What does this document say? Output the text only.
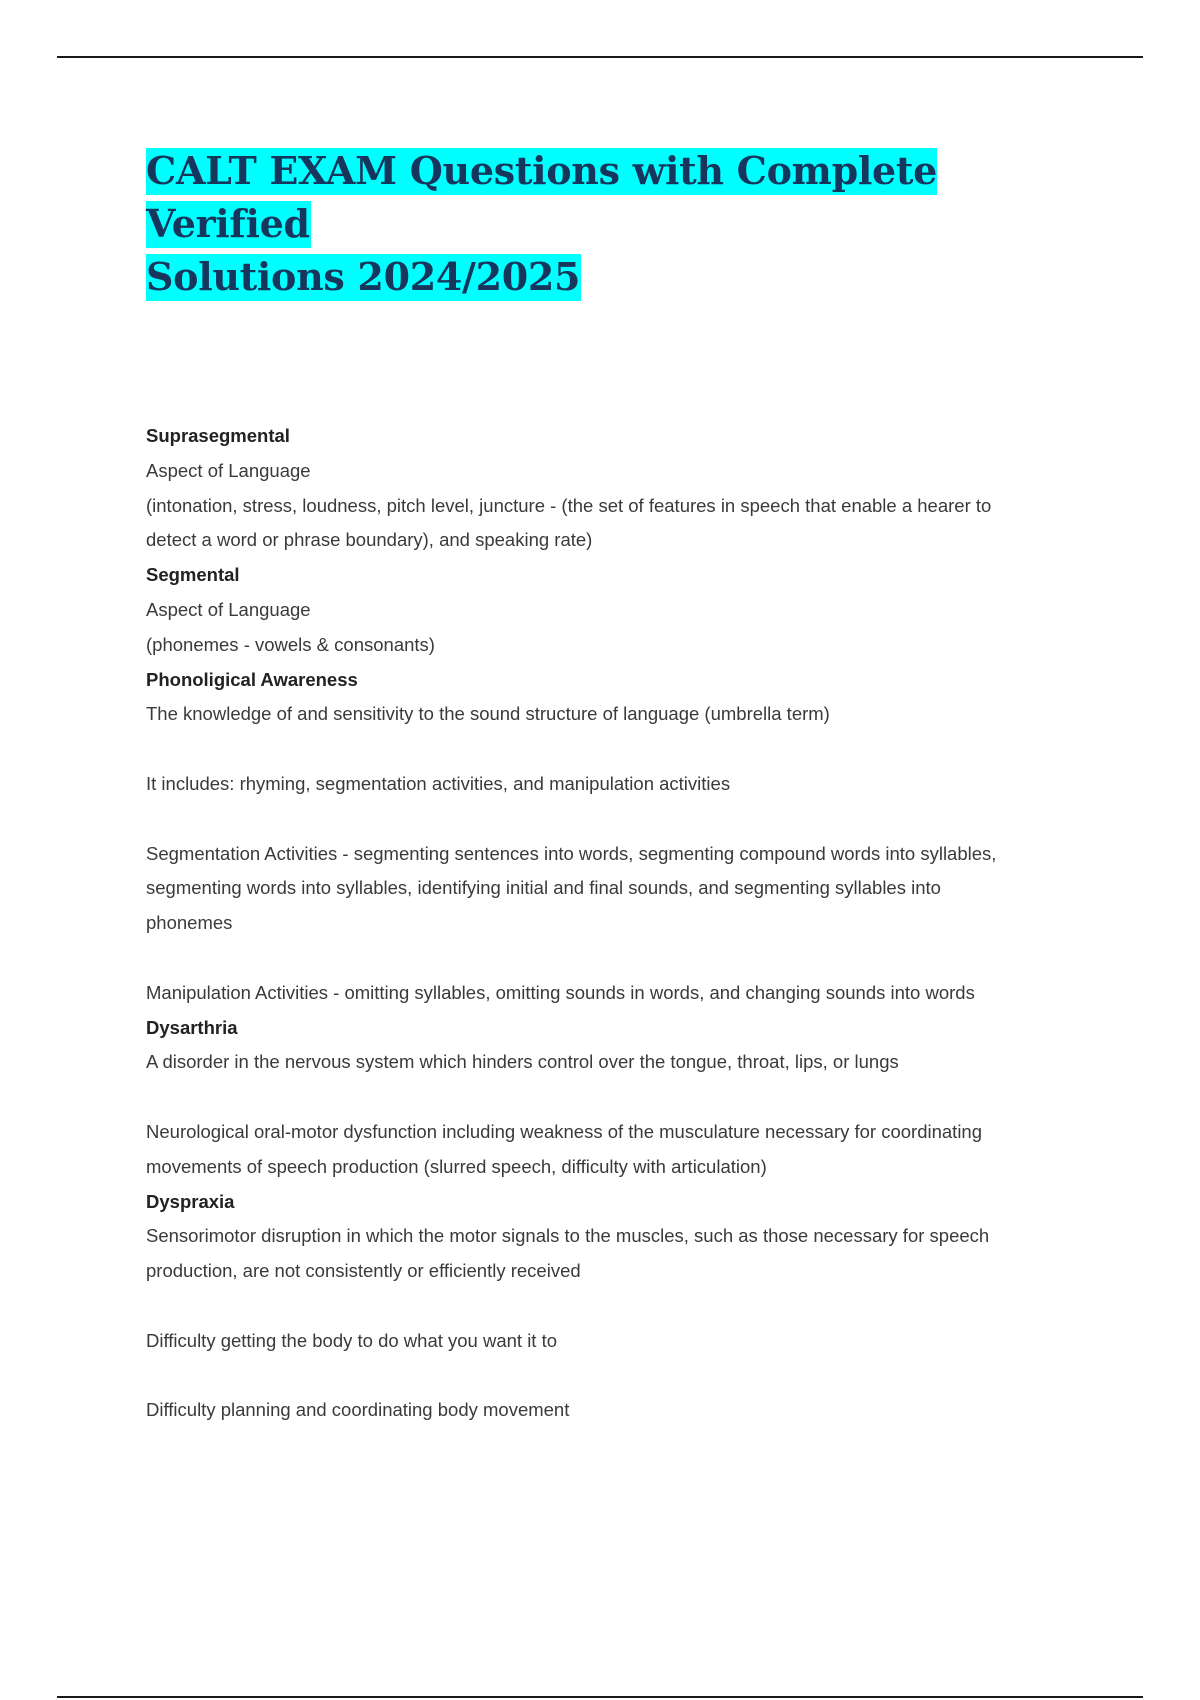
CALT EXAM Questions with Complete Verified
Solutions 2024/2025

Suprasegmental

Aspect of Language

(intonation, stress, loudness, pitch level, juncture - (the set of features in speech that enable a hearer to

detect a word or phrase boundary), and speaking rate)

Segmental

Aspect of Language

(phonemes - vowels & consonants)

Phonoligical Awareness

The knowledge of and sensitivity to the sound structure of language (umbrella term)

It includes: rhyming, segmentation activities, and manipulation activities

Segmentation Activities - segmenting sentences into words, segmenting compound words into syllables,

segmenting words into syllables, identifying initial and final sounds, and segmenting syllables into

phonemes

Manipulation Activities - omitting syllables, omitting sounds in words, and changing sounds into words

Dysarthria

A disorder in the nervous system which hinders control over the tongue, throat, lips, or lungs

Neurological oral-motor dysfunction including weakness of the musculature necessary for coordinating

movements of speech production (slurred speech, difficulty with articulation)

Dyspraxia

Sensorimotor disruption in which the motor signals to the muscles, such as those necessary for speech

production, are not consistently or efficiently received

Difficulty getting the body to do what you want it to

Difficulty planning and coordinating body movement
